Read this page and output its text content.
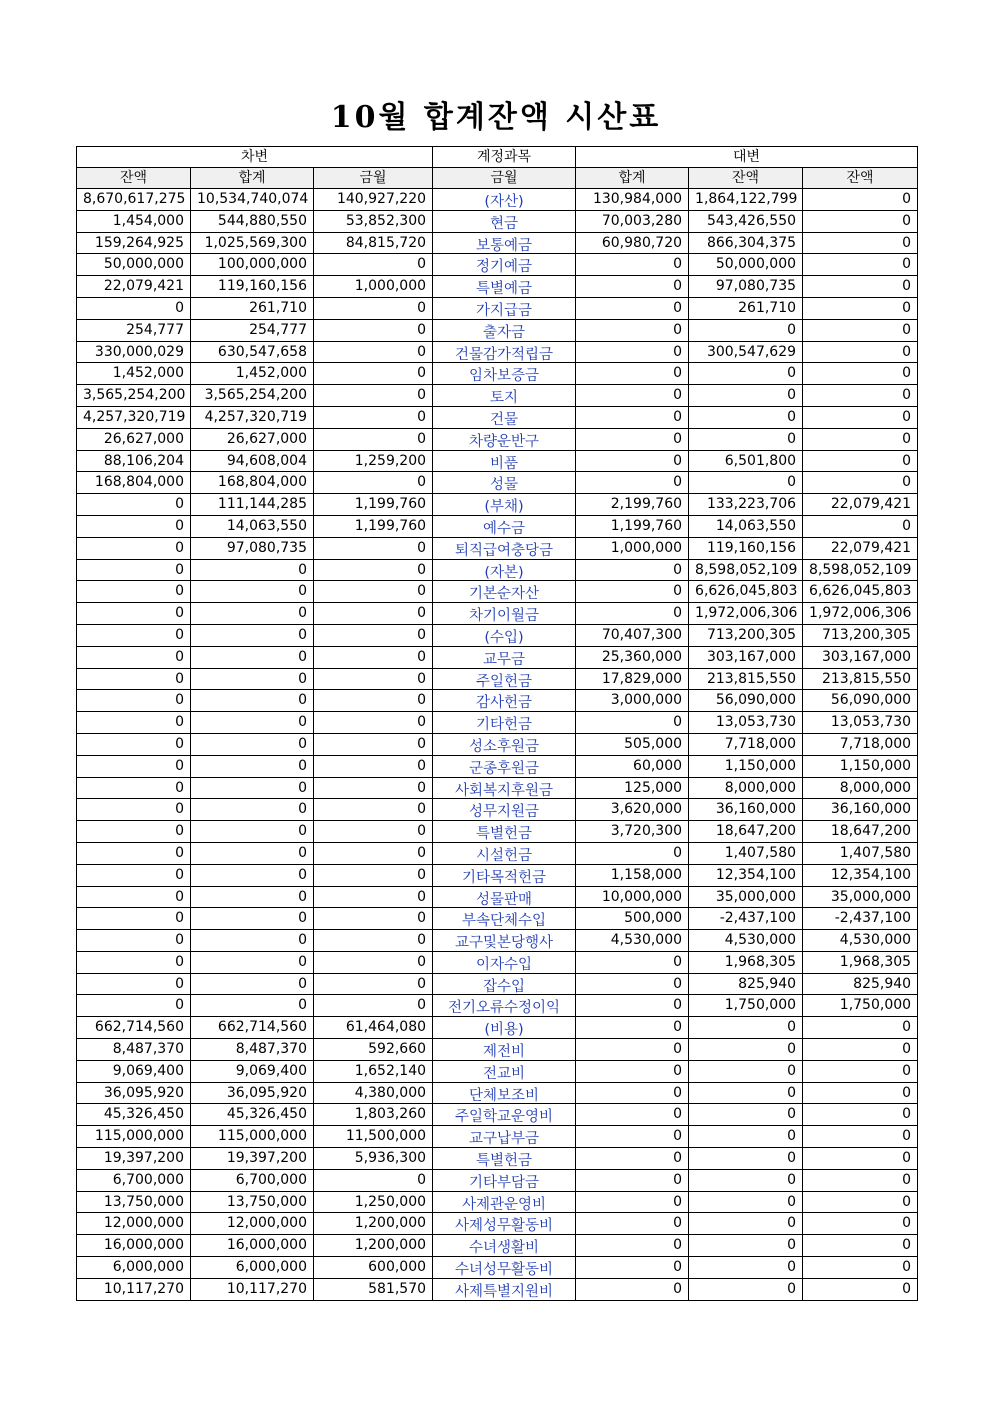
10월 합계잔액 시산표
차변			계정과목	대변		
잔액	합계	금월	금월	합계	잔액	잔액
8,670,617,275	10,534,740,074	140,927,220	(자산)	130,984,000	1,864,122,799	0
1,454,000	544,880,550	53,852,300	현금	70,003,280	543,426,550	0
159,264,925	1,025,569,300	84,815,720	보통예금	60,980,720	866,304,375	0
50,000,000	100,000,000	0	정기예금	0	50,000,000	0
22,079,421	119,160,156	1,000,000	특별예금	0	97,080,735	0
0	261,710	0	가지급금	0	261,710	0
254,777	254,777	0	출자금	0	0	0
330,000,029	630,547,658	0	건물감가적립금	0	300,547,629	0
1,452,000	1,452,000	0	임차보증금	0	0	0
3,565,254,200	3,565,254,200	0	토지	0	0	0
4,257,320,719	4,257,320,719	0	건물	0	0	0
26,627,000	26,627,000	0	차량운반구	0	0	0
88,106,204	94,608,004	1,259,200	비품	0	6,501,800	0
168,804,000	168,804,000	0	성물	0	0	0
0	111,144,285	1,199,760	(부채)	2,199,760	133,223,706	22,079,421
0	14,063,550	1,199,760	예수금	1,199,760	14,063,550	0
0	97,080,735	0	퇴직급여충당금	1,000,000	119,160,156	22,079,421
0	0	0	(자본)	0	8,598,052,109	8,598,052,109
0	0	0	기본순자산	0	6,626,045,803	6,626,045,803
0	0	0	차기이월금	0	1,972,006,306	1,972,006,306
0	0	0	(수입)	70,407,300	713,200,305	713,200,305
0	0	0	교무금	25,360,000	303,167,000	303,167,000
0	0	0	주일헌금	17,829,000	213,815,550	213,815,550
0	0	0	감사헌금	3,000,000	56,090,000	56,090,000
0	0	0	기타헌금	0	13,053,730	13,053,730
0	0	0	성소후원금	505,000	7,718,000	7,718,000
0	0	0	군종후원금	60,000	1,150,000	1,150,000
0	0	0	사회복지후원금	125,000	8,000,000	8,000,000
0	0	0	성무지원금	3,620,000	36,160,000	36,160,000
0	0	0	특별헌금	3,720,300	18,647,200	18,647,200
0	0	0	시설헌금	0	1,407,580	1,407,580
0	0	0	기타목적헌금	1,158,000	12,354,100	12,354,100
0	0	0	성물판매	10,000,000	35,000,000	35,000,000
0	0	0	부속단체수입	500,000	-2,437,100	-2,437,100
0	0	0	교구및본당행사	4,530,000	4,530,000	4,530,000
0	0	0	이자수입	0	1,968,305	1,968,305
0	0	0	잡수입	0	825,940	825,940
0	0	0	전기오류수정이익	0	1,750,000	1,750,000
662,714,560	662,714,560	61,464,080	(비용)	0	0	0
8,487,370	8,487,370	592,660	제전비	0	0	0
9,069,400	9,069,400	1,652,140	전교비	0	0	0
36,095,920	36,095,920	4,380,000	단체보조비	0	0	0
45,326,450	45,326,450	1,803,260	주일학교운영비	0	0	0
115,000,000	115,000,000	11,500,000	교구납부금	0	0	0
19,397,200	19,397,200	5,936,300	특별헌금	0	0	0
6,700,000	6,700,000	0	기타부담금	0	0	0
13,750,000	13,750,000	1,250,000	사제관운영비	0	0	0
12,000,000	12,000,000	1,200,000	사제성무활동비	0	0	0
16,000,000	16,000,000	1,200,000	수녀생활비	0	0	0
6,000,000	6,000,000	600,000	수녀성무활동비	0	0	0
10,117,270	10,117,270	581,570	사제특별지원비	0	0	0
